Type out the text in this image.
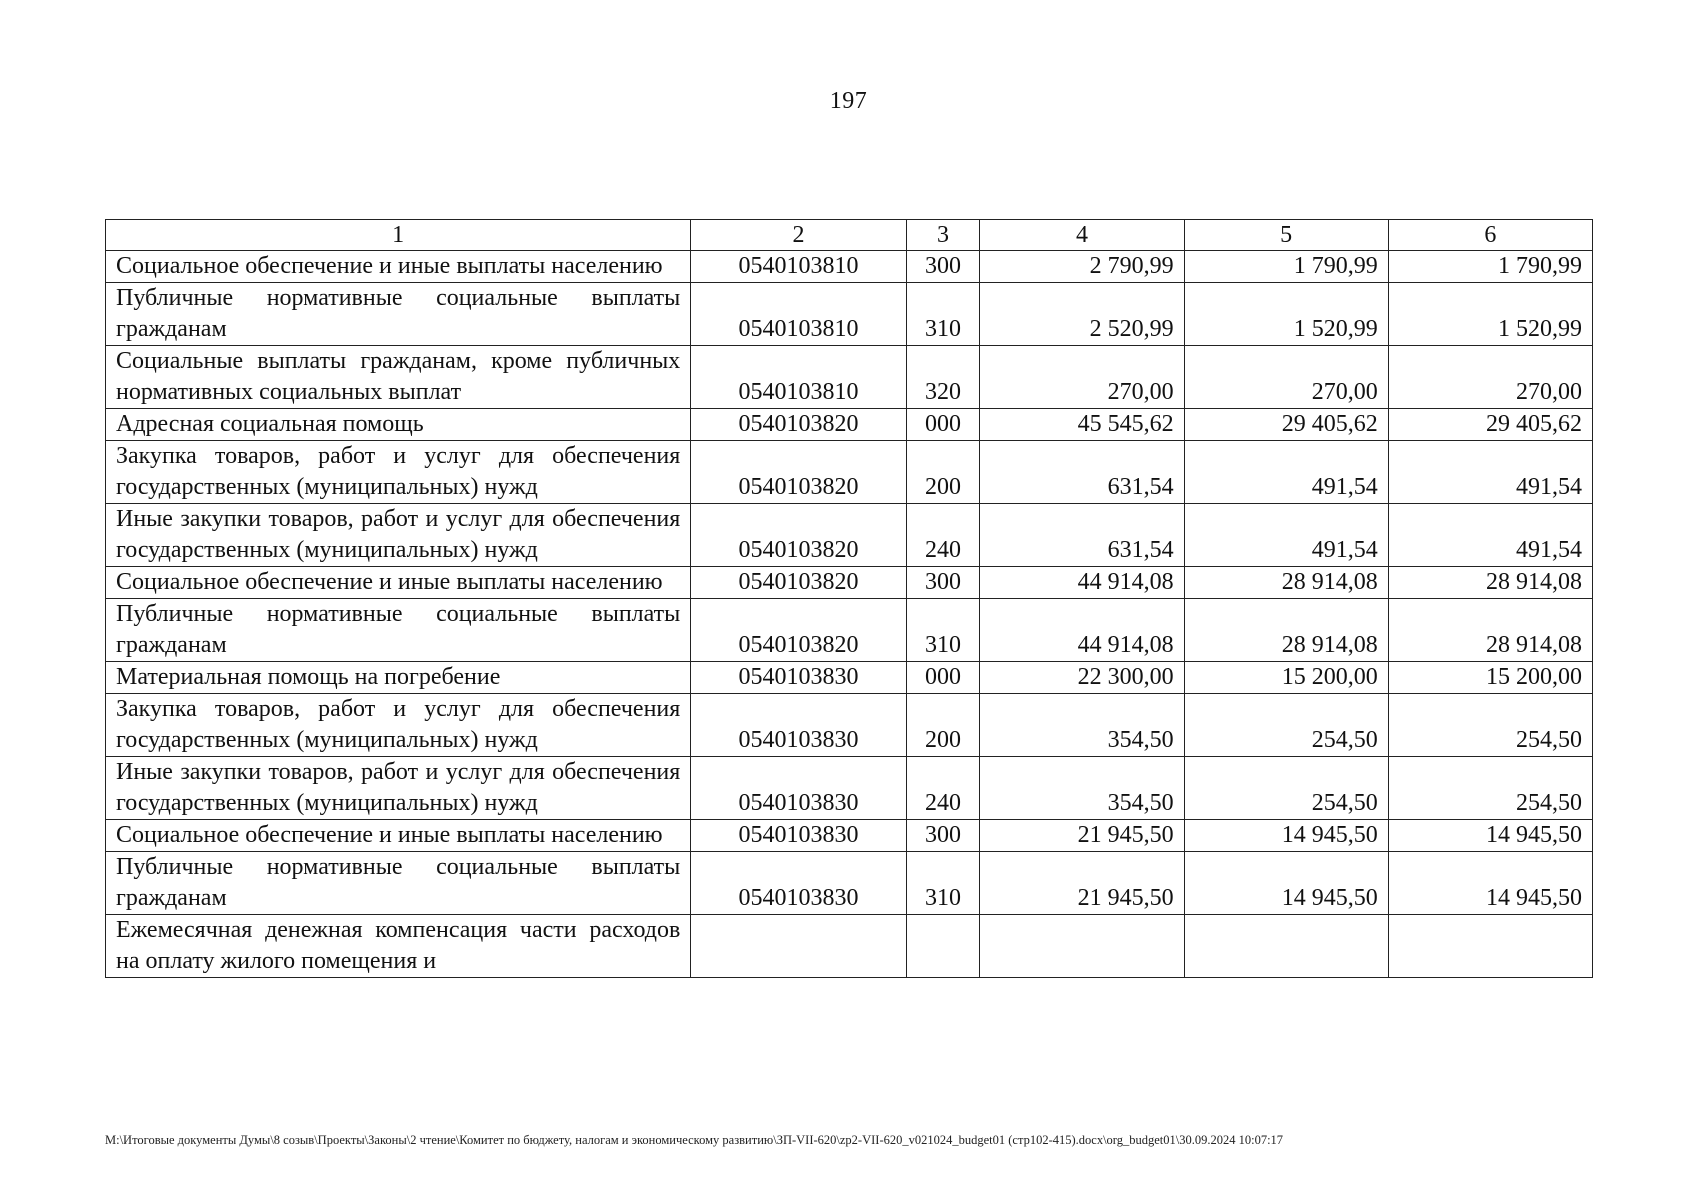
197
1	2	3	4	5	6
Социальное обеспечение и иные выплаты населению	0540103810	300	2 790,99	1 790,99	1 790,99
Публичные нормативные социальные выплаты гражданам	0540103810	310	2 520,99	1 520,99	1 520,99
Социальные выплаты гражданам, кроме публичных нормативных социальных выплат	0540103810	320	270,00	270,00	270,00
Адресная социальная помощь	0540103820	000	45 545,62	29 405,62	29 405,62
Закупка товаров, работ и услуг для обеспечения государственных (муниципальных) нужд	0540103820	200	631,54	491,54	491,54
Иные закупки товаров, работ и услуг для обеспечения государственных (муниципальных) нужд	0540103820	240	631,54	491,54	491,54
Социальное обеспечение и иные выплаты населению	0540103820	300	44 914,08	28 914,08	28 914,08
Публичные нормативные социальные выплаты гражданам	0540103820	310	44 914,08	28 914,08	28 914,08
Материальная помощь на погребение	0540103830	000	22 300,00	15 200,00	15 200,00
Закупка товаров, работ и услуг для обеспечения государственных (муниципальных) нужд	0540103830	200	354,50	254,50	254,50
Иные закупки товаров, работ и услуг для обеспечения государственных (муниципальных) нужд	0540103830	240	354,50	254,50	254,50
Социальное обеспечение и иные выплаты населению	0540103830	300	21 945,50	14 945,50	14 945,50
Публичные нормативные социальные выплаты гражданам	0540103830	310	21 945,50	14 945,50	14 945,50
Ежемесячная денежная компенсация части расходов на оплату жилого помещения и					
M:\Итоговые документы Думы\8 созыв\Проекты\Законы\2 чтение\Комитет по бюджету, налогам и экономическому развитию\ЗП-VII-620\zp2-VII-620_v021024_budget01 (стр102-415).docx\org_budget01\30.09.2024 10:07:17
